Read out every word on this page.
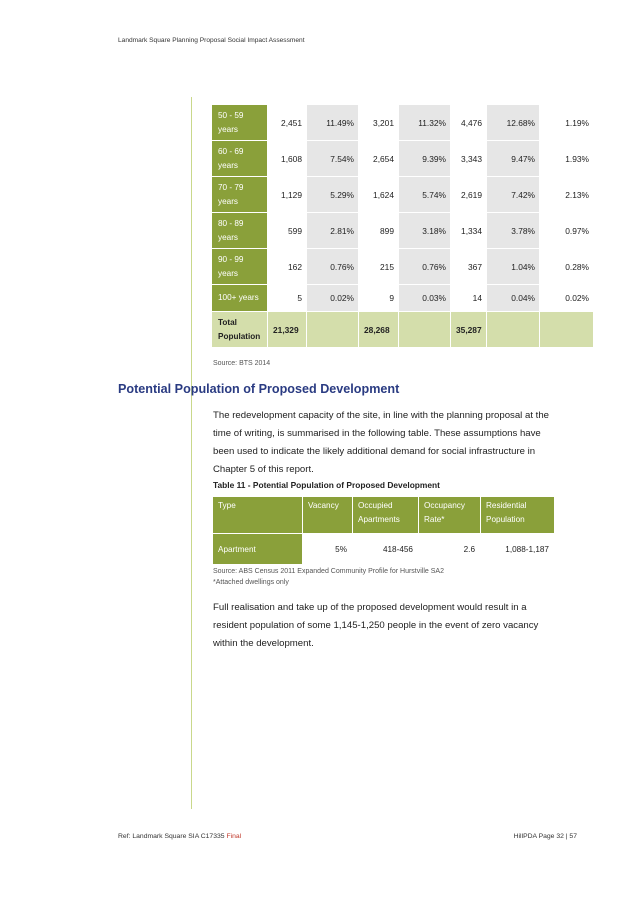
Landmark Square Planning Proposal Social Impact Assessment
50 - 59 years	2,451	11.49%	3,201	11.32%	4,476	12.68%	1.19%
60 - 69 years	1,608	7.54%	2,654	9.39%	3,343	9.47%	1.93%
70 - 79 years	1,129	5.29%	1,624	5.74%	2,619	7.42%	2.13%
80 - 89 years	599	2.81%	899	3.18%	1,334	3.78%	0.97%
90 - 99 years	162	0.76%	215	0.76%	367	1.04%	0.28%
100+ years	5	0.02%	9	0.03%	14	0.04%	0.02%
Total Population	21,329		28,268		35,287		
Source: BTS 2014
Potential Population of Proposed Development
The redevelopment capacity of the site, in line with the planning proposal at the time of writing, is summarised in the following table. These assumptions have been used to indicate the likely additional demand for social infrastructure in Chapter 5 of this report.
Table 11 - Potential Population of Proposed Development
Type	Vacancy	Occupied Apartments	Occupancy Rate*	Residential Population
Apartment	5%	418-456	2.6	1,088-1,187
Source: ABS Census 2011 Expanded Community Profile for Hurstville SA2
*Attached dwellings only
Full realisation and take up of the proposed development would result in a resident population of some 1,145-1,250 people in the event of zero vacancy within the development.
Ref: Landmark Square SIA C17335 Final	HillPDA Page 32 | 57
